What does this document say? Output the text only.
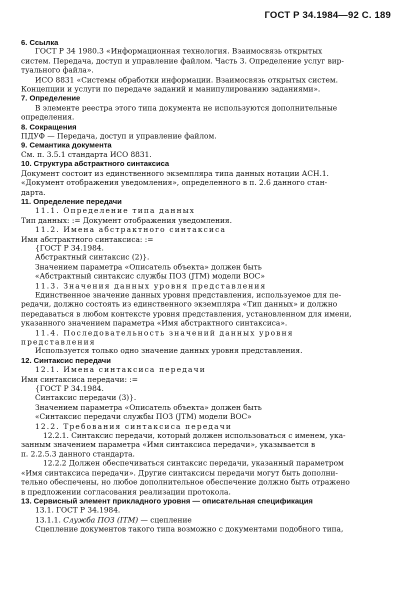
ГОСТ Р 34.1984—92 С. 189
6. Ссылка
ГОСТ Р 34 1980.3 «Информационная технология. Взаимосвязь открытых
систем. Передача, доступ и управление файлом. Часть 3. Определение услуг вир-
туального файла».
ИСО 8831 «Системы обработки информации. Взаимосвязь открытых систем.
Концепции и услуги по передаче заданий и манипулированию заданиями».
7. Определение
В элементе реестра этого типа документа не используются дополнительные
определения.
8. Сокращения
ПДУФ — Передача, доступ и управление файлом.
9. Семантика документа
См. п. 3.5.1 стандарта ИСО 8831.
10. Структура абстрактного синтаксиса
Документ состоит из единственного экземпляра типа данных нотации АСН.1.
«Документ отображения уведомления», определенного в п. 2.6 данного стан-
дарта.
11. Определение передачи
11.1. Определение типа данных
Тип данных: := Документ отображения уведомления.
11.2. Имена абстрактного синтаксиса
Имя абстрактного синтаксиса: :=
{ГОСТ Р 34.1984.
Абстрактный синтаксис (2)}.
Значением параметра «Описатель объекта» должен быть
«Абстрактный синтаксис службы ПОЗ (JTM) модели ВОС»
11.3. Значения данных уровня представления
Единственное значение данных уровня представления, используемое для пе-
редачи, должно состоять из единственного экземпляра «Тип данных» и должно
передаваться в любом контексте уровня представления, установленном для имени,
указанного значением параметра «Имя абстрактного синтаксиса».
11.4. Последовательность значений данных уровня
представления
Используется только одно значение данных уровня представления.
12. Синтаксис передачи
12.1. Имена синтаксиса передачи
Имя синтаксиса передачи: :=
{ГОСТ Р 34.1984.
Синтаксис передачи (3)}.
Значением параметра «Описатель объекта» должен быть
«Синтаксис передачи службы ПОЗ (JTM) модели ВОС»
12.2. Требования синтаксиса передачи
12.2.1. Синтаксис передачи, который должен использоваться с именем, ука-
занным значением параметра «Имя синтаксиса передачи», указывается в
п. 2.2.5.3 данного стандарта.
12.2.2 Должен обеспечиваться синтаксис передачи, указанный параметром
«Имя синтаксиса передачи». Другие синтаксисы передачи могут быть дополни-
тельно обеспечены, но любое дополнительное обеспечение должно быть отражено
в предложении согласования реализации протокола.
13. Сервисный элемент прикладного уровня — описательная спецификация
13.1. ГОСТ Р 34.1984.
13.1.1. Служба ПОЗ (ITM) — сцепление
Сцепление документов такого типа возможно с документами подобного типа,
